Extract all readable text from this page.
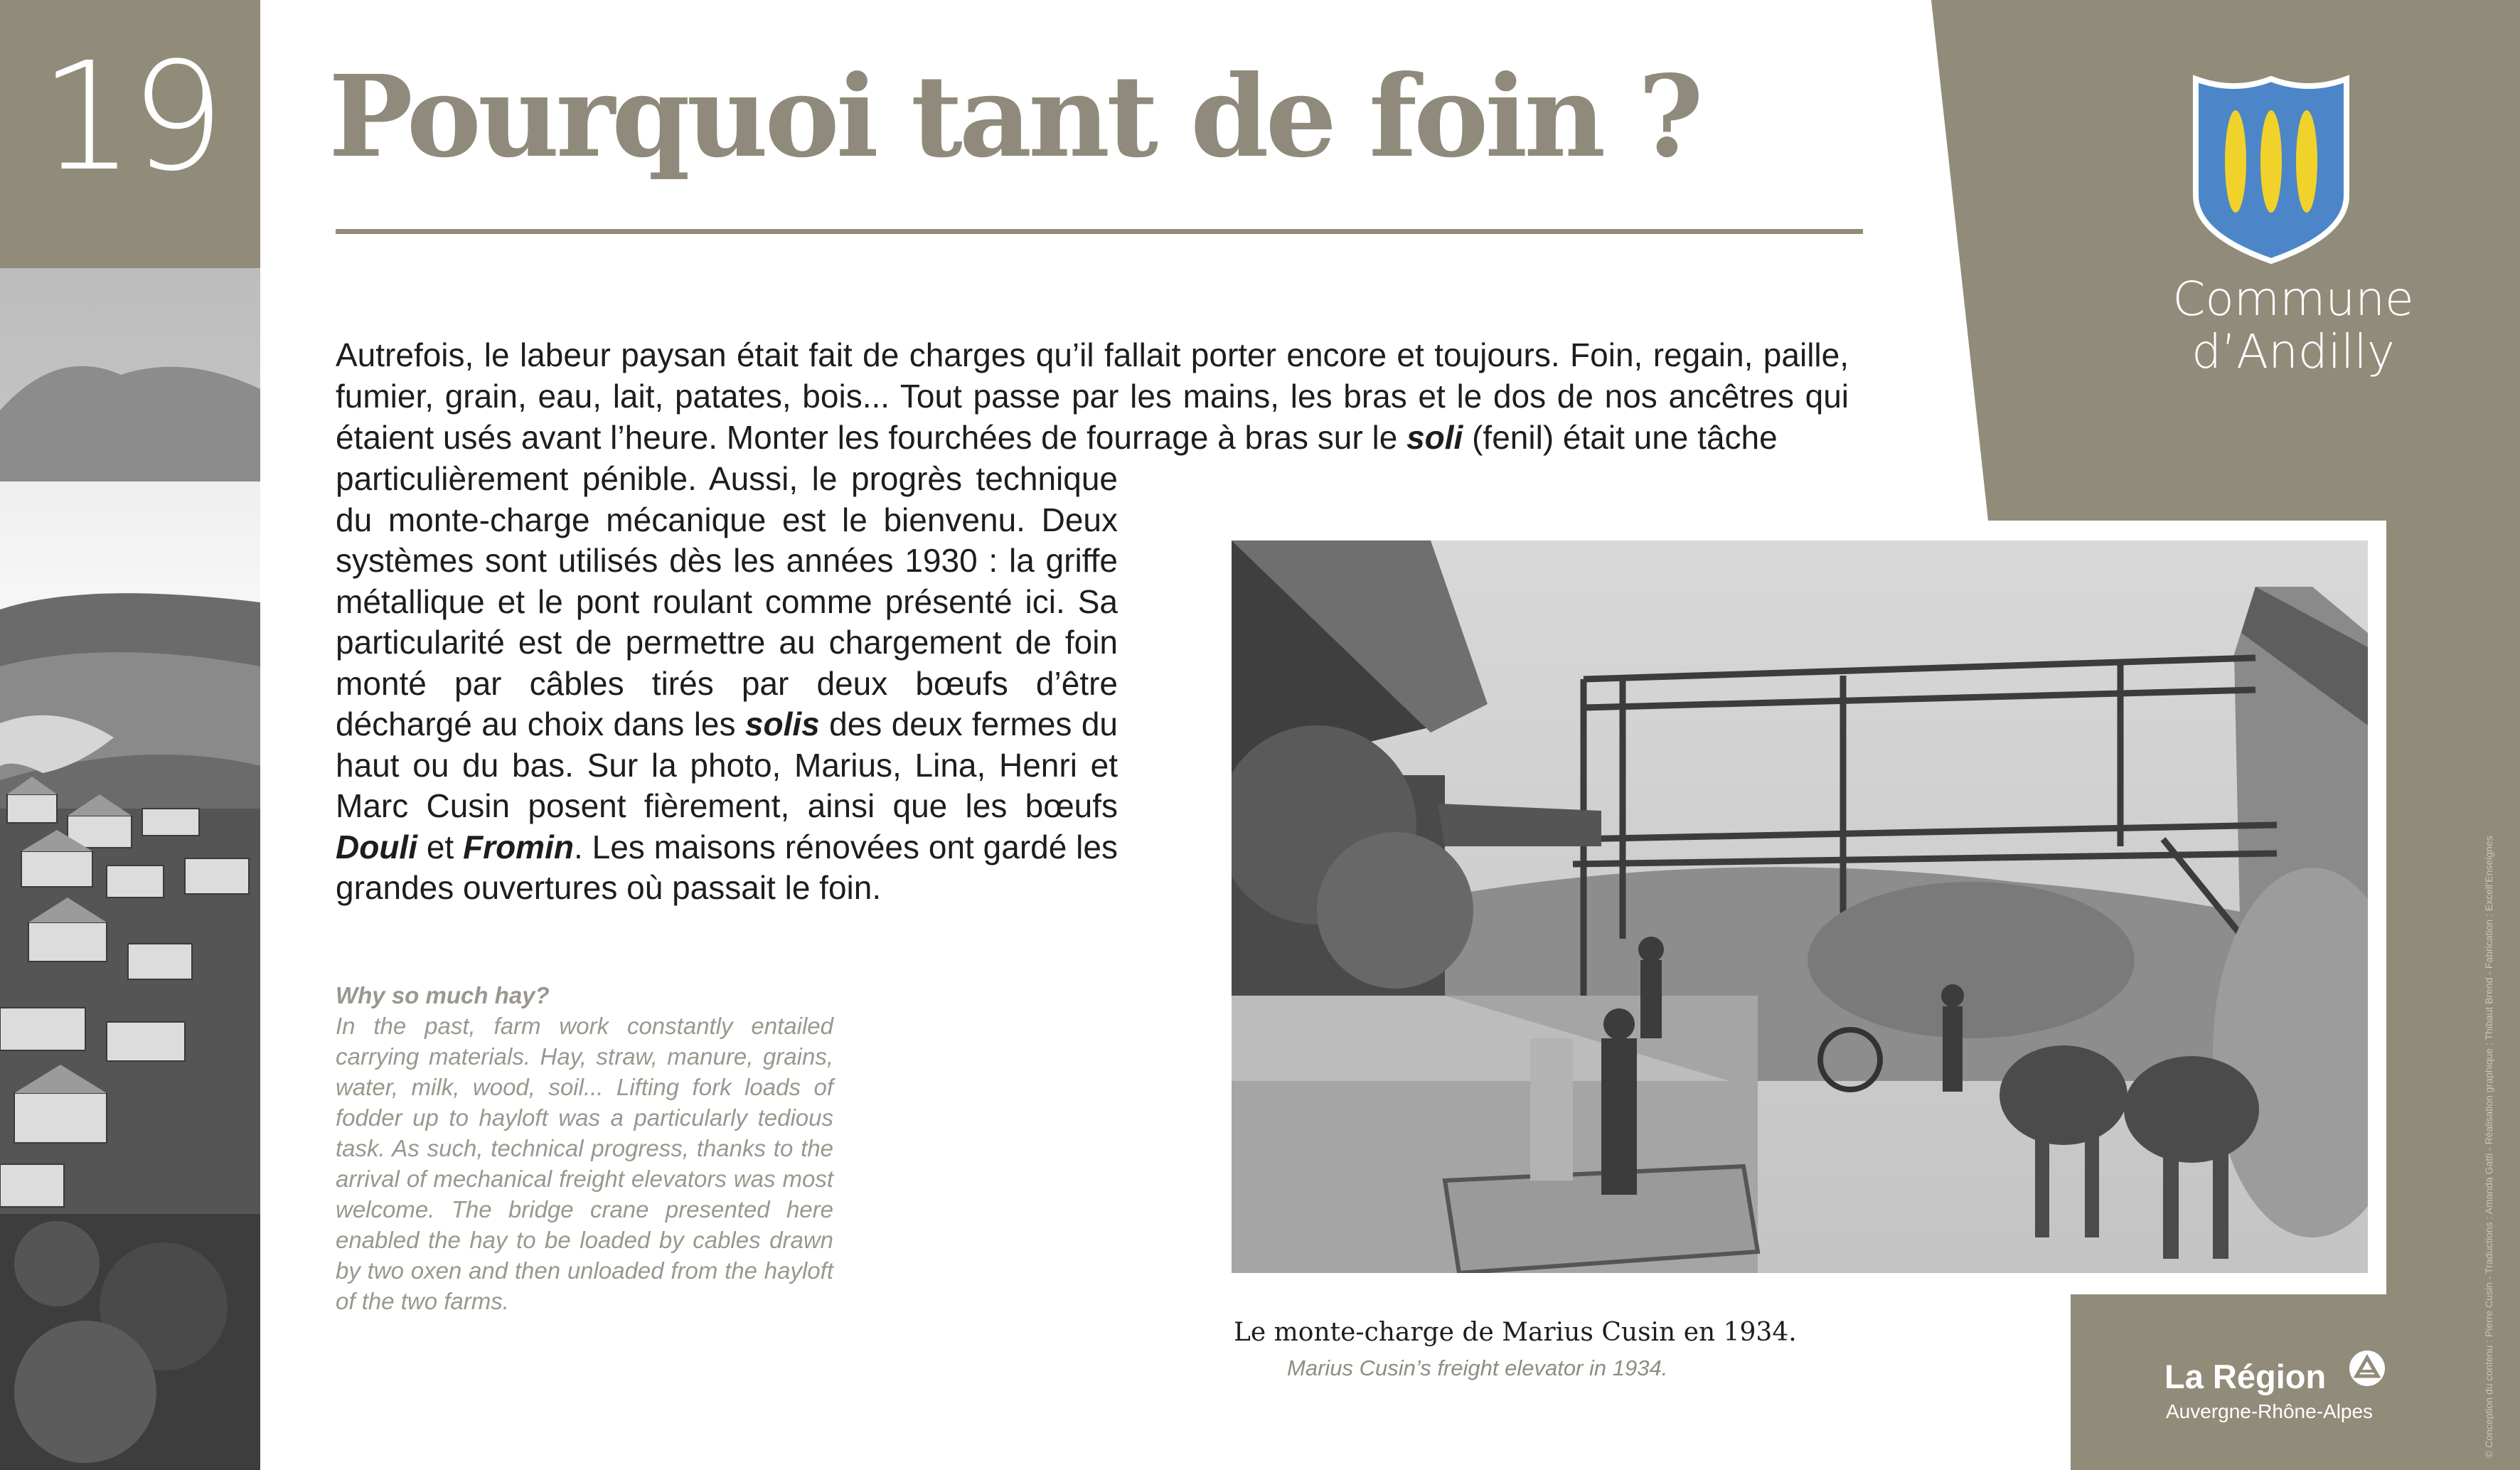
19 Pourquoi tant de foin ?
Commune
d’Andilly
Autrefois, le labeur paysan était fait de charges qu’il fallait porter encore et toujours. Foin, regain, paille, fumier, grain, eau, lait, patates, bois... Tout passe par les mains, les bras et le dos de nos ancêtres qui étaient usés avant l’heure. Monter les fourchées de fourrage à bras sur le soli (fenil) était une tâche
particulièrement pénible. Aussi, le progrès technique du monte-charge mécanique est le bienvenu. Deux systèmes sont utilisés dès les années 1930 : la griffe métallique et le pont roulant comme présenté ici. Sa particularité est de permettre au chargement de foin monté par câbles tirés par deux bœufs d’être déchargé au choix dans les solis des deux fermes du haut ou du bas. Sur la photo, Marius, Lina, Henri et Marc Cusin posent fièrement, ainsi que les bœufs Douli et Fromin. Les maisons rénovées ont gardé les grandes ouvertures où passait le foin.
Why so much hay?
In the past, farm work constantly entailed carrying materials. Hay, straw, manure, grains, water, milk, wood, soil... Lifting fork loads of fodder up to hayloft was a particularly tedious task. As such, technical progress, thanks to the arrival of mechanical freight elevators was most welcome. The bridge crane presented here enabled the hay to be loaded by cables drawn by two oxen and then unloaded from the hayloft of the two farms.
Le monte-charge de Marius Cusin en 1934.
Marius Cusin’s freight elevator in 1934.	La Région
Auvergne-Rhône-Alpes	© Conception du contenu : Pierre Cusin - Traductions : Amanda Gatti - Réalisation graphique : Thibaut Brend - Fabrication : Excell’Enseignes
